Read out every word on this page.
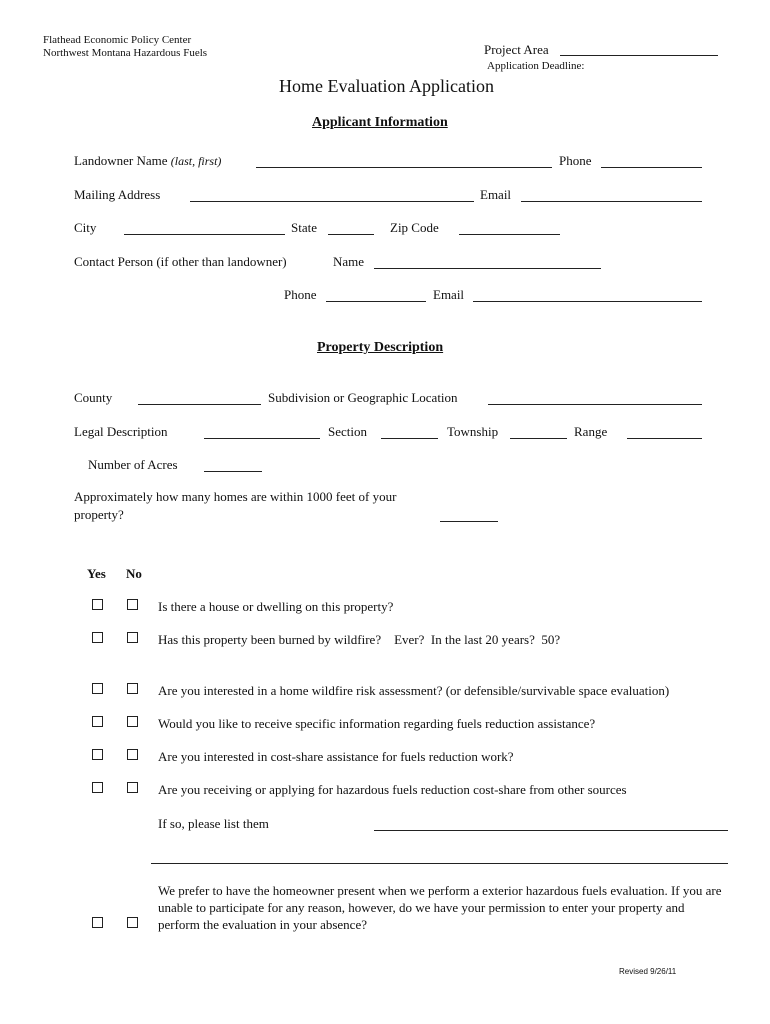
Flathead Economic Policy Center
Northwest Montana Hazardous Fuels	Project Area
Application Deadline:
Home Evaluation Application
Applicant Information
Landowner Name (last, first)	Phone
Mailing Address	Email
City	State	Zip Code
Contact Person (if other than landowner)	Name
Phone	Email
Property Description
County	Subdivision or Geographic Location
Legal Description	Section	Township	Range
Number of Acres
Approximately how many homes are within 1000 feet of your
property?
Yes No
Is there a house or dwelling on this property?
Has this property been burned by wildfire?    Ever?  In the last 20 years?  50?
Are you interested in a home wildfire risk assessment? (or defensible/survivable space evaluation)
Would you like to receive specific information regarding fuels reduction assistance?
Are you interested in cost-share assistance for fuels reduction work?
Are you receiving or applying for hazardous fuels reduction cost-share from other sources
If so, please list them
We prefer to have the homeowner present when we perform a exterior hazardous fuels evaluation. If you are unable to participate for any reason, however, do we have your permission to enter your property and perform the evaluation in your absence?
Revised 9/26/11
